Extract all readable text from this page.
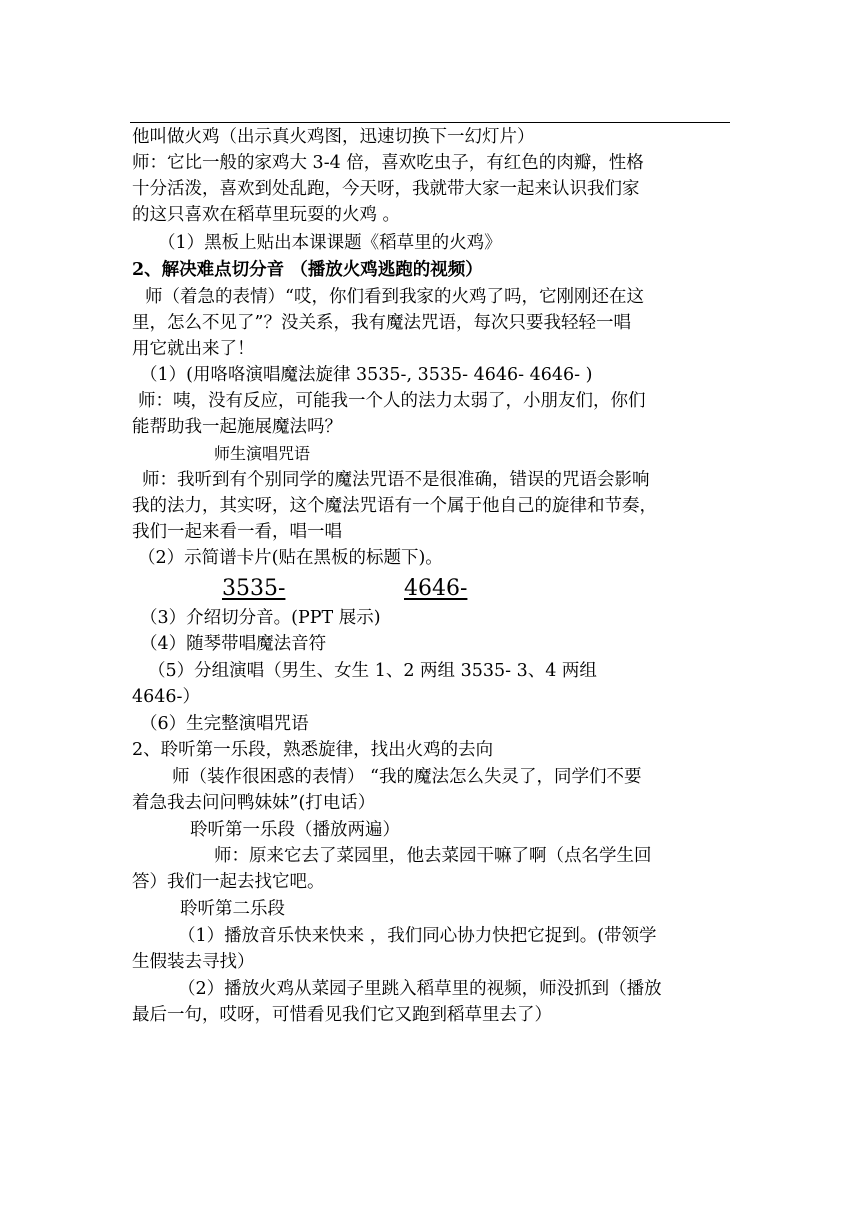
他叫做火鸡（出示真火鸡图，迅速切换下一幻灯片）
师：它比一般的家鸡大 3-4 倍，喜欢吃虫子，有红色的肉瓣，性格
十分活泼，喜欢到处乱跑，今天呀，我就带大家一起来认识我们家
的这只喜欢在稻草里玩耍的火鸡 。
（1）黑板上贴出本课课题《稻草里的火鸡》
2、解决难点切分音 （播放火鸡逃跑的视频）
师（着急的表情）“哎，你们看到我家的火鸡了吗，它刚刚还在这
里，怎么不见了”？没关系，我有魔法咒语，每次只要我轻轻一唱
用它就出来了！
（1）(用咯咯演唱魔法旋律 3535-, 3535- 4646- 4646- )
师：咦，没有反应，可能我一个人的法力太弱了，小朋友们，你们
能帮助我一起施展魔法吗？
师生演唱咒语
师：我听到有个别同学的魔法咒语不是很准确，错误的咒语会影响
我的法力，其实呀，这个魔法咒语有一个属于他自己的旋律和节奏，
我们一起来看一看，唱一唱
（2）示简谱卡片(贴在黑板的标题下)。
3535-	4646-
（3）介绍切分音。(PPT 展示)
（4）随琴带唱魔法音符
（5）分组演唱（男生、女生 1、2 两组 3535- 3、4 两组
4646-）
（6）生完整演唱咒语
2、聆听第一乐段，熟悉旋律，找出火鸡的去向
师（装作很困惑的表情） “我的魔法怎么失灵了，同学们不要
着急我去问问鸭妹妹”(打电话）
聆听第一乐段（播放两遍）
师：原来它去了菜园里，他去菜园干嘛了啊（点名学生回
答）我们一起去找它吧。
聆听第二乐段
（1）播放音乐快来快来 ，我们同心协力快把它捉到。(带领学
生假装去寻找）
（2）播放火鸡从菜园子里跳入稻草里的视频，师没抓到（播放
最后一句，哎呀，可惜看见我们它又跑到稻草里去了）
